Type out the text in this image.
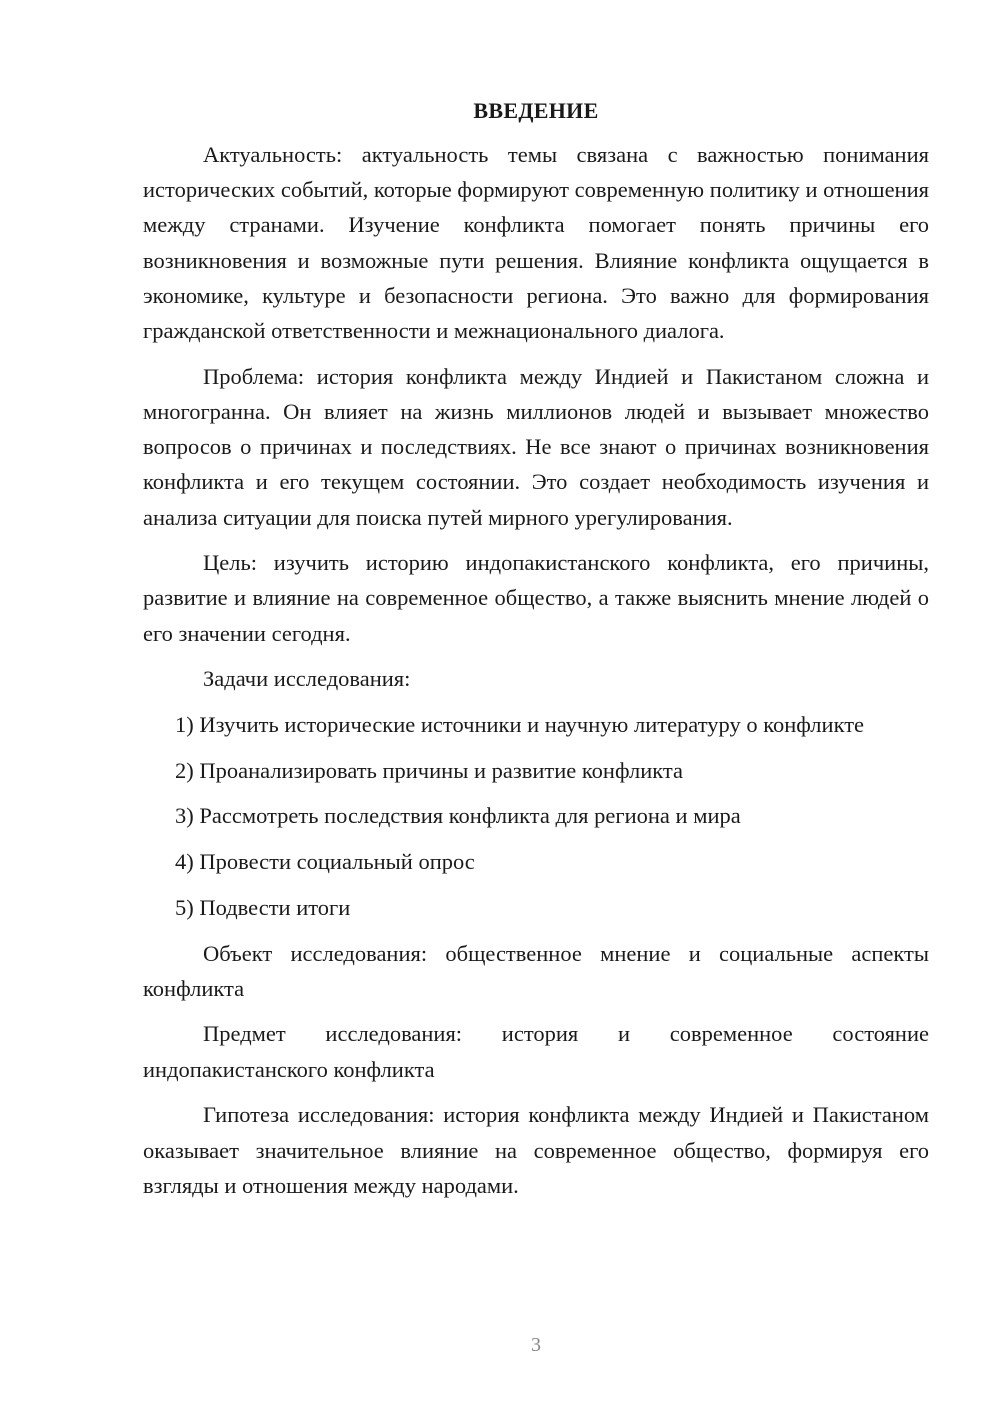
ВВЕДЕНИЕ

Актуальность: актуальность темы связана с важностью понимания исторических событий, которые формируют современную политику и отношения между странами. Изучение конфликта помогает понять причины его возникновения и возможные пути решения. Влияние конфликта ощущается в экономике, культуре и безопасности региона. Это важно для формирования гражданской ответственности и межнационального диалога.

Проблема: история конфликта между Индией и Пакистаном сложна и многогранна. Он влияет на жизнь миллионов людей и вызывает множество вопросов о причинах и последствиях. Не все знают о причинах возникновения конфликта и его текущем состоянии. Это создает необходимость изучения и анализа ситуации для поиска путей мирного урегулирования.

Цель: изучить историю индопакистанского конфликта, его причины, развитие и влияние на современное общество, а также выяснить мнение людей о его значении сегодня.

Задачи исследования:

1) Изучить исторические источники и научную литературу о конфликте

2) Проанализировать причины и развитие конфликта

3) Рассмотреть последствия конфликта для региона и мира

4) Провести социальный опрос

5) Подвести итоги

Объект исследования: общественное мнение и социальные аспекты конфликта

Предмет исследования: история и современное состояние индопакистанского конфликта

Гипотеза исследования: история конфликта между Индией и Пакистаном оказывает значительное влияние на современное общество, формируя его взгляды и отношения между народами.

3
